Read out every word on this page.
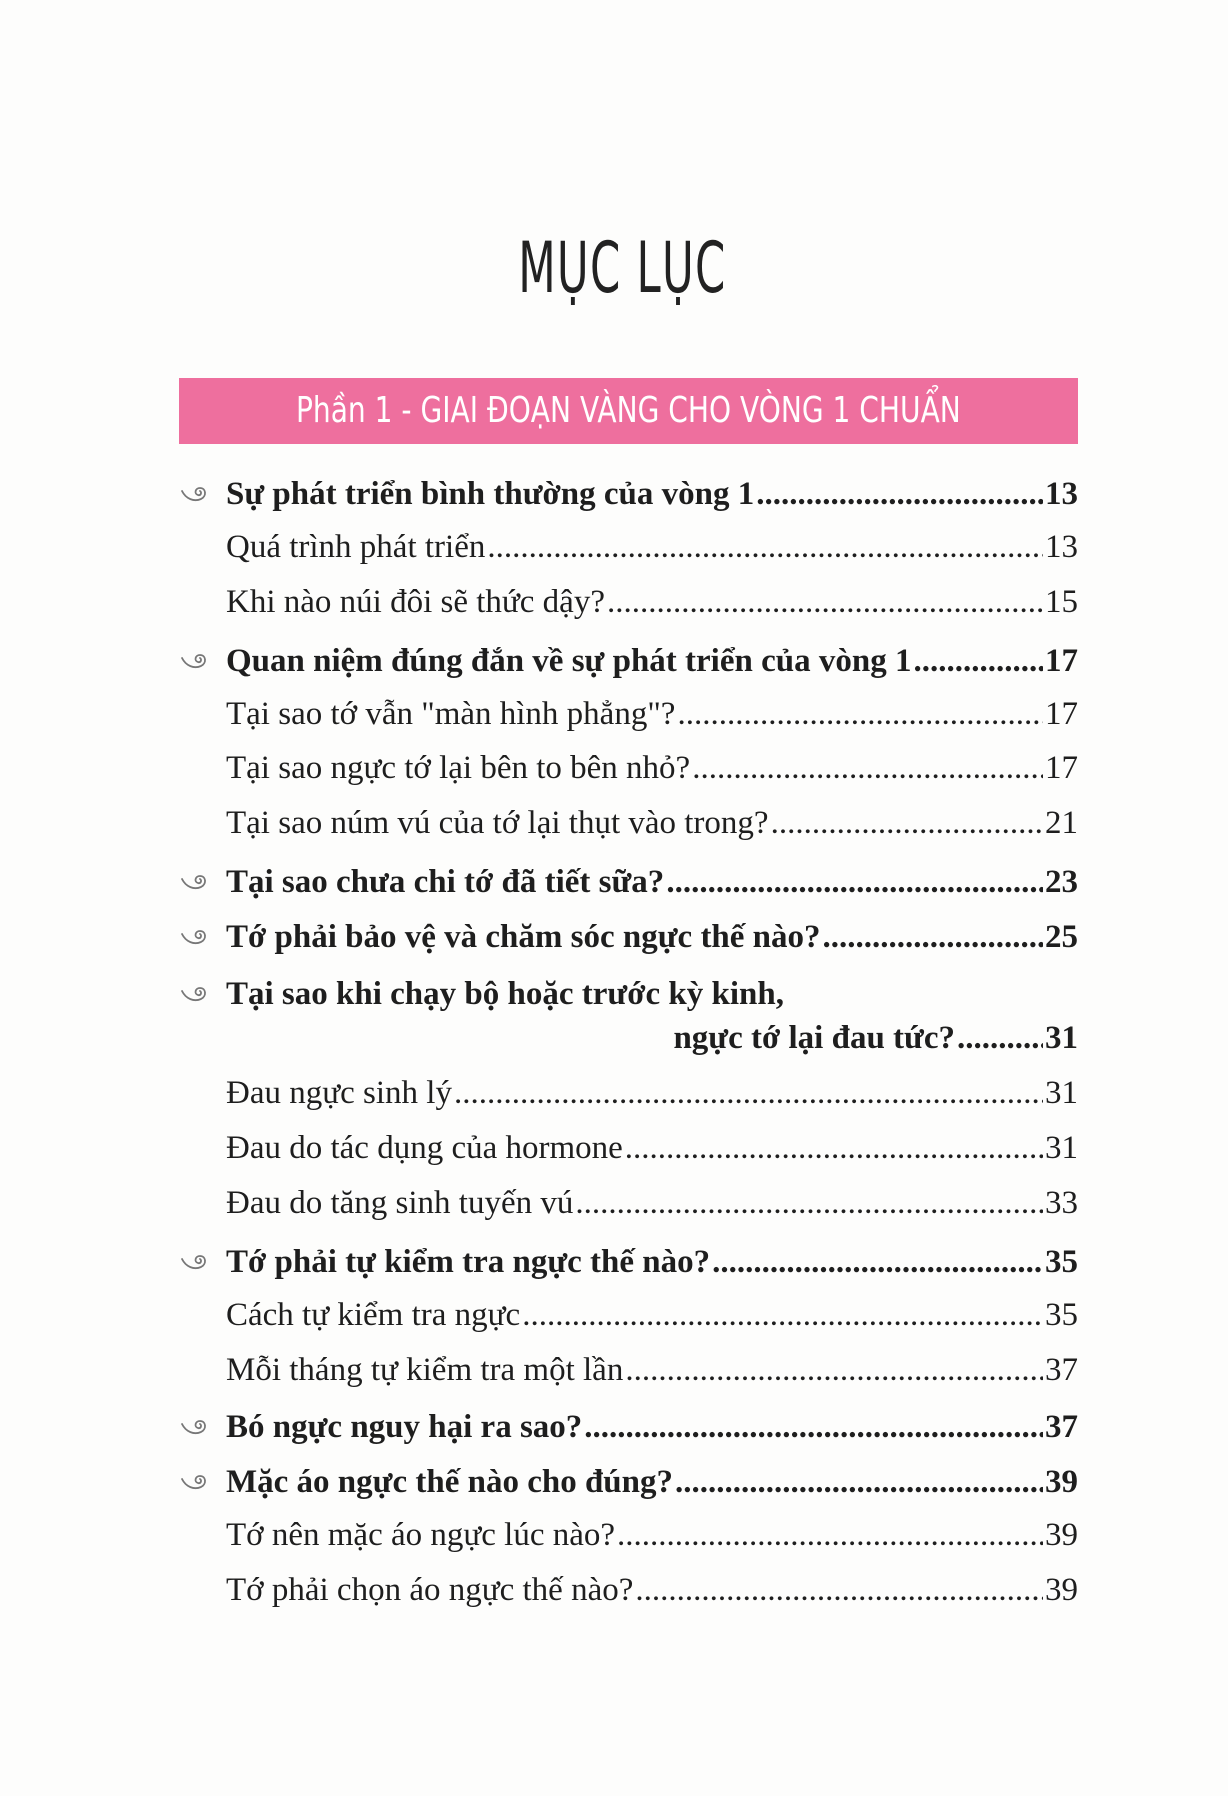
MỤC LỤC
Phần 1 - GIAI ĐOẠN VÀNG CHO VÒNG 1 CHUẨN
Sự phát triển bình thường của vòng 1 .....	13
Quá trình phát triển .....	13
Khi nào núi đôi sẽ thức dậy? .....	15
Quan niệm đúng đắn về sự phát triển của vòng 1 .....	17
Tại sao tớ vẫn "màn hình phẳng"? .....	17
Tại sao ngực tớ lại bên to bên nhỏ? .....	17
Tại sao núm vú của tớ lại thụt vào trong? .....	21
Tại sao chưa chi tớ đã tiết sữa? .....	23
Tớ phải bảo vệ và chăm sóc ngực thế nào? .....	25
Tại sao khi chạy bộ hoặc trước kỳ kinh,
ngực tớ lại đau tức? .....	31
Đau ngực sinh lý .....	31
Đau do tác dụng của hormone .....	31
Đau do tăng sinh tuyến vú .....	33
Tớ phải tự kiểm tra ngực thế nào? .....	35
Cách tự kiểm tra ngực .....	35
Mỗi tháng tự kiểm tra một lần .....	37
Bó ngực nguy hại ra sao? .....	37
Mặc áo ngực thế nào cho đúng? .....	39
Tớ nên mặc áo ngực lúc nào? .....	39
Tớ phải chọn áo ngực thế nào? .....	39
